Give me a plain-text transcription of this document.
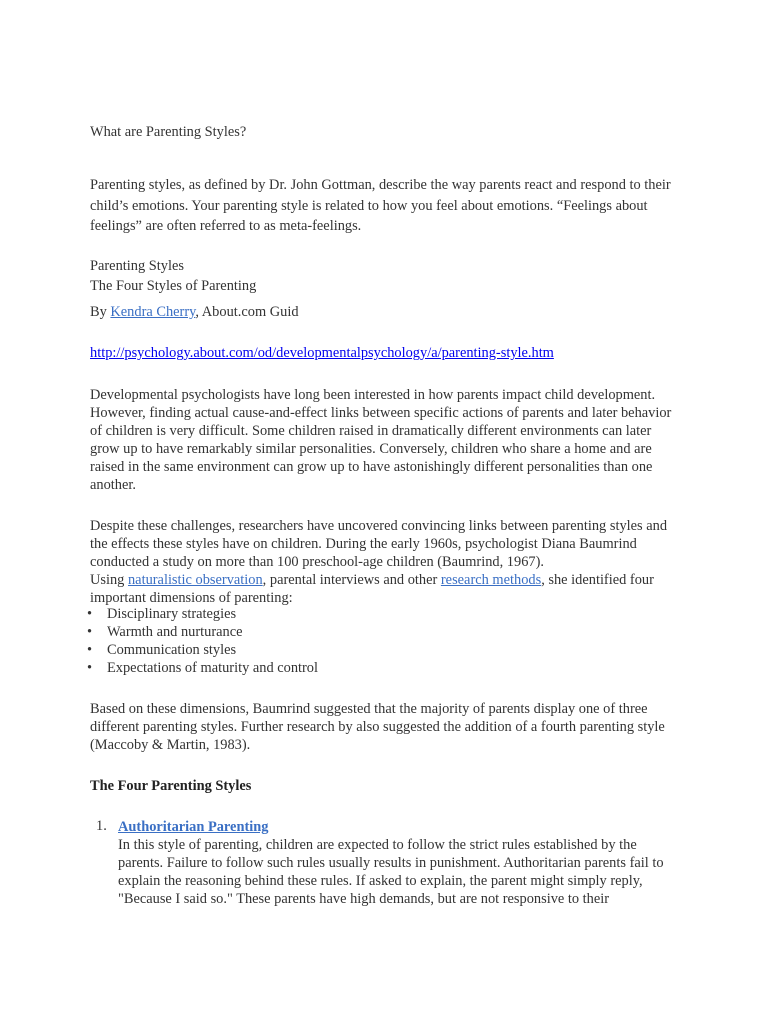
What are Parenting Styles?

Parenting styles, as defined by Dr. John Gottman, describe the way parents react and respond to their child’s emotions. Your parenting style is related to how you feel about emotions. “Feelings about feelings” are often referred to as meta-feelings.

Parenting Styles

The Four Styles of Parenting

By Kendra Cherry, About.com Guid

http://psychology.about.com/od/developmentalpsychology/a/parenting-style.htm

Developmental psychologists have long been interested in how parents impact child development. However, finding actual cause-and-effect links between specific actions of parents and later behavior of children is very difficult. Some children raised in dramatically different environments can later grow up to have remarkably similar personalities. Conversely, children who share a home and are raised in the same environment can grow up to have astonishingly different personalities than one another.

Despite these challenges, researchers have uncovered convincing links between parenting styles and the effects these styles have on children. During the early 1960s, psychologist Diana Baumrind conducted a study on more than 100 preschool-age children (Baumrind, 1967).
Using naturalistic observation, parental interviews and other research methods, she identified four important dimensions of parenting:
• Disciplinary strategies
• Warmth and nurturance
• Communication styles
• Expectations of maturity and control

Based on these dimensions, Baumrind suggested that the majority of parents display one of three different parenting styles. Further research by also suggested the addition of a fourth parenting style (Maccoby & Martin, 1983).

The Four Parenting Styles

1. Authoritarian Parenting
In this style of parenting, children are expected to follow the strict rules established by the parents. Failure to follow such rules usually results in punishment. Authoritarian parents fail to explain the reasoning behind these rules. If asked to explain, the parent might simply reply, "Because I said so." These parents have high demands, but are not responsive to their
